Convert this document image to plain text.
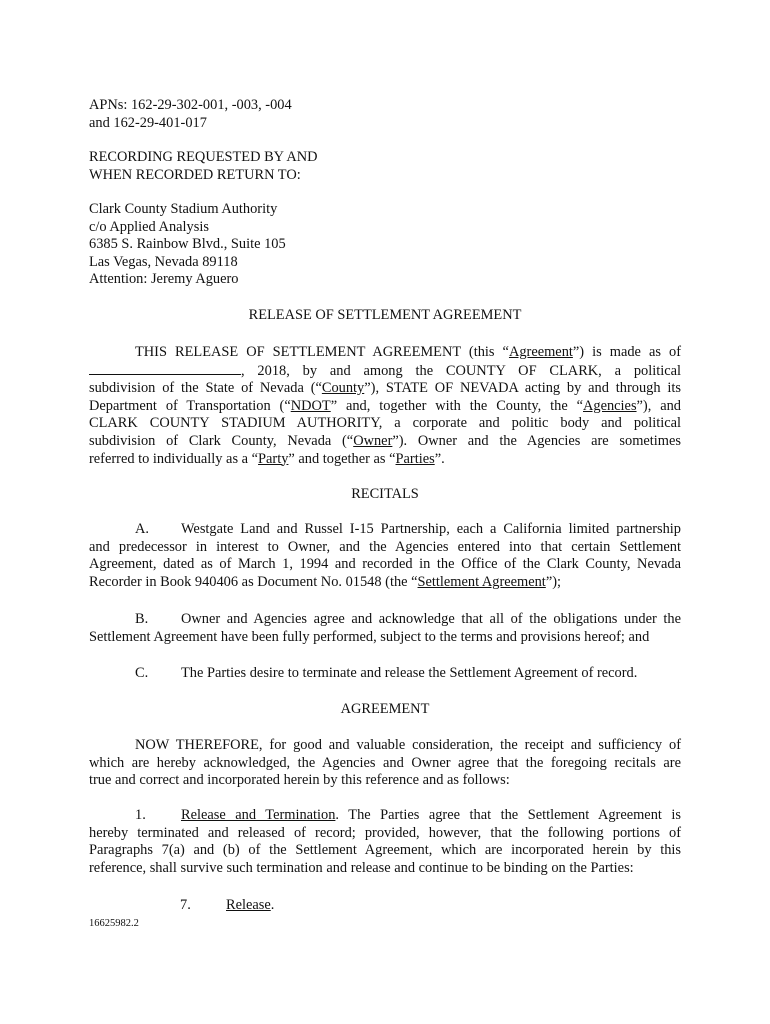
APNs: 162-29-302-001, -003, -004
and 162-29-401-017
RECORDING REQUESTED BY AND
WHEN RECORDED RETURN TO:
Clark County Stadium Authority
c/o Applied Analysis
6385 S. Rainbow Blvd., Suite 105
Las Vegas, Nevada 89118
Attention: Jeremy Aguero
RELEASE OF SETTLEMENT AGREEMENT
THIS RELEASE OF SETTLEMENT AGREEMENT (this “Agreement”) is made as of
, 2018, by and among the COUNTY OF CLARK, a political
subdivision of the State of Nevada (“County”), STATE OF NEVADA acting by and through its
Department of Transportation (“NDOT” and, together with the County, the “Agencies”), and
CLARK COUNTY STADIUM AUTHORITY, a corporate and politic body and political
subdivision of Clark County, Nevada (“Owner”). Owner and the Agencies are sometimes
referred to individually as a “Party” and together as “Parties”.
RECITALS
A. Westgate Land and Russel I-15 Partnership, each a California limited partnership
and predecessor in interest to Owner, and the Agencies entered into that certain Settlement
Agreement, dated as of March 1, 1994 and recorded in the Office of the Clark County, Nevada
Recorder in Book 940406 as Document No. 01548 (the “Settlement Agreement”);
B. Owner and Agencies agree and acknowledge that all of the obligations under the
Settlement Agreement have been fully performed, subject to the terms and provisions hereof; and
C. The Parties desire to terminate and release the Settlement Agreement of record.
AGREEMENT
NOW THEREFORE, for good and valuable consideration, the receipt and sufficiency of
which are hereby acknowledged, the Agencies and Owner agree that the foregoing recitals are
true and correct and incorporated herein by this reference and as follows:
1. Release and Termination. The Parties agree that the Settlement Agreement is
hereby terminated and released of record; provided, however, that the following portions of
Paragraphs 7(a) and (b) of the Settlement Agreement, which are incorporated herein by this
reference, shall survive such termination and release and continue to be binding on the Parties:
7. Release.
16625982.2
